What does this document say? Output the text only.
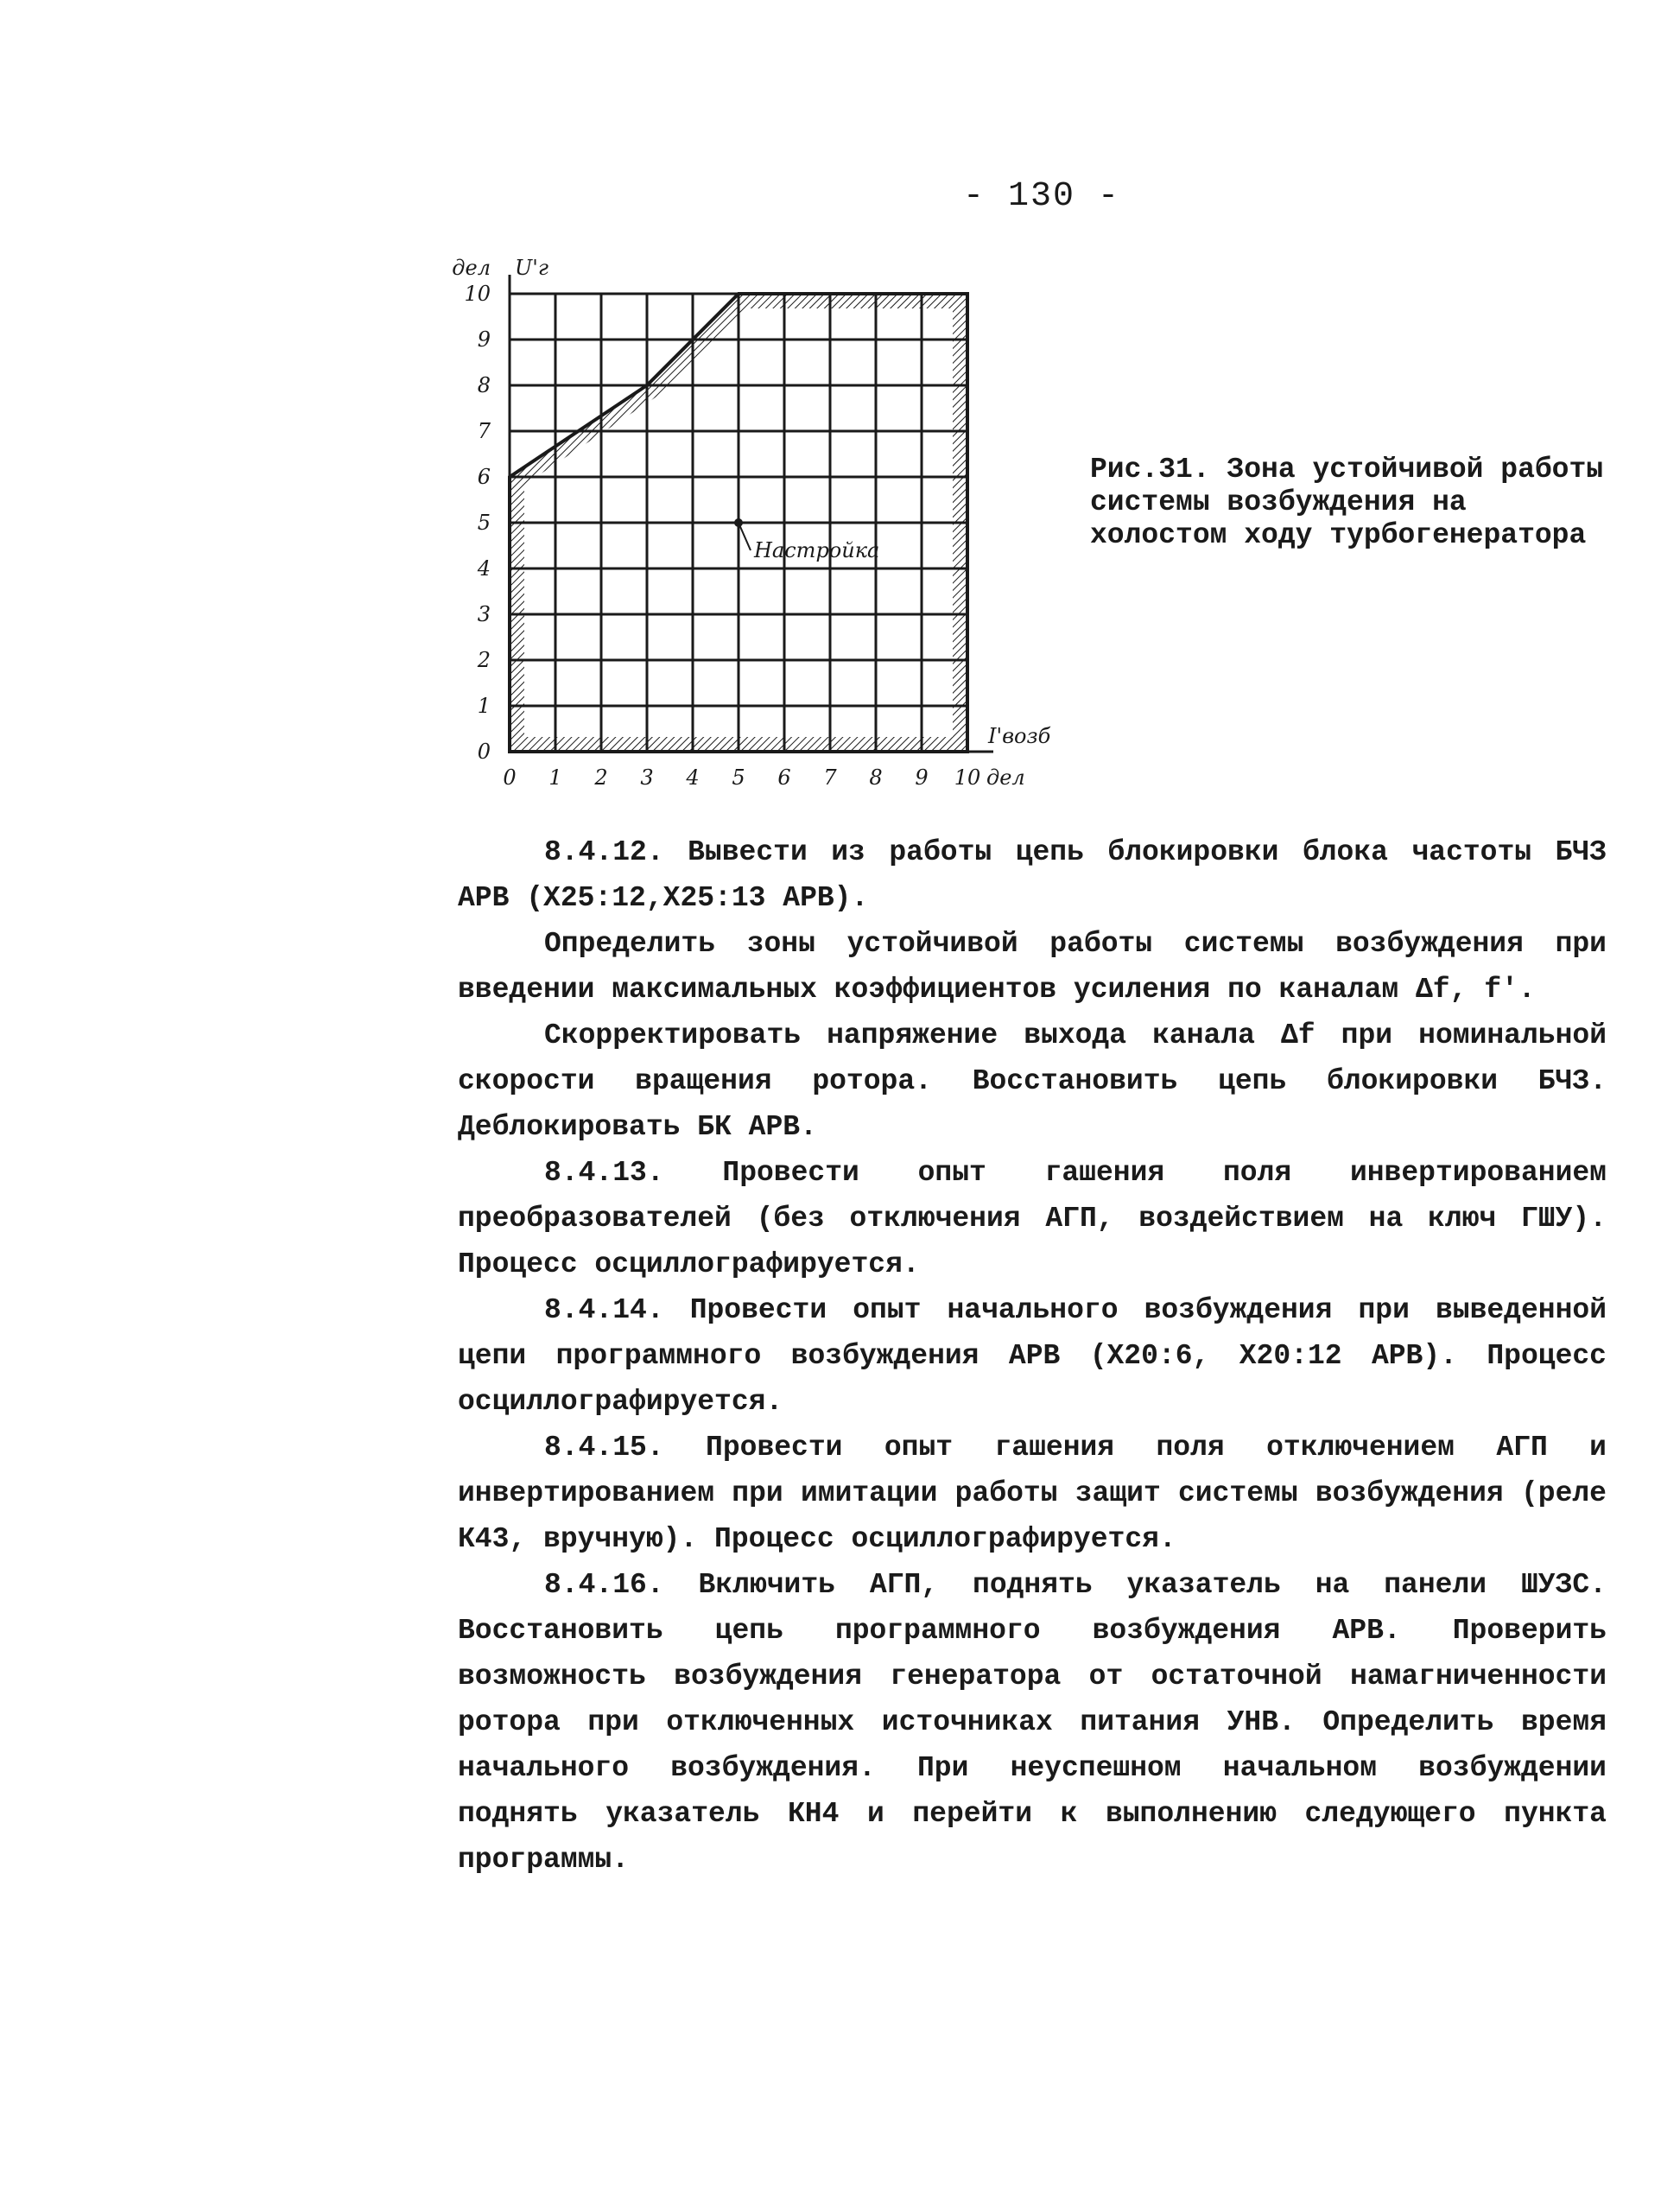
- 130 -
0 1 2 3 4 5 6 7 8 9 10
0
1
2
3
4
5
6
7
8
9
10
дел U'г
I'возб
дел
Настройка
Рис.31. Зона устойчивой работы системы возбуждения на холостом ходу турбогенератора

8.4.12. Вывести из работы цепь блокировки блока частоты БЧЗ АРВ (Х25:12,Х25:13 АРВ).

Определить зоны устойчивой работы системы возбуждения при введении максимальных коэффициентов усиления по каналам Δf, f'.

Скорректировать напряжение выхода канала Δf при номинальной скорости вращения ротора. Восстановить цепь блокировки БЧЗ. Деблокировать БК АРВ.

8.4.13. Провести опыт гашения поля инвертированием преобразователей (без отключения АГП, воздействием на ключ ГШУ). Процесс осциллографируется.

8.4.14. Провести опыт начального возбуждения при выведенной цепи программного возбуждения АРВ (Х20:6, Х20:12 АРВ). Процесс осциллографируется.

8.4.15. Провести опыт гашения поля отключением АГП и инвертированием при имитации работы защит системы возбуждения (реле К43, вручную). Процесс осциллографируется.

8.4.16. Включить АГП, поднять указатель на панели ШУЗС. Восстановить цепь программного возбуждения АРВ. Проверить возможность возбуждения генератора от остаточной намагниченности ротора при отключенных источниках питания УНВ. Определить время начального возбуждения. При неуспешном начальном возбуждении поднять указатель КН4 и перейти к выполнению следующего пункта программы.
